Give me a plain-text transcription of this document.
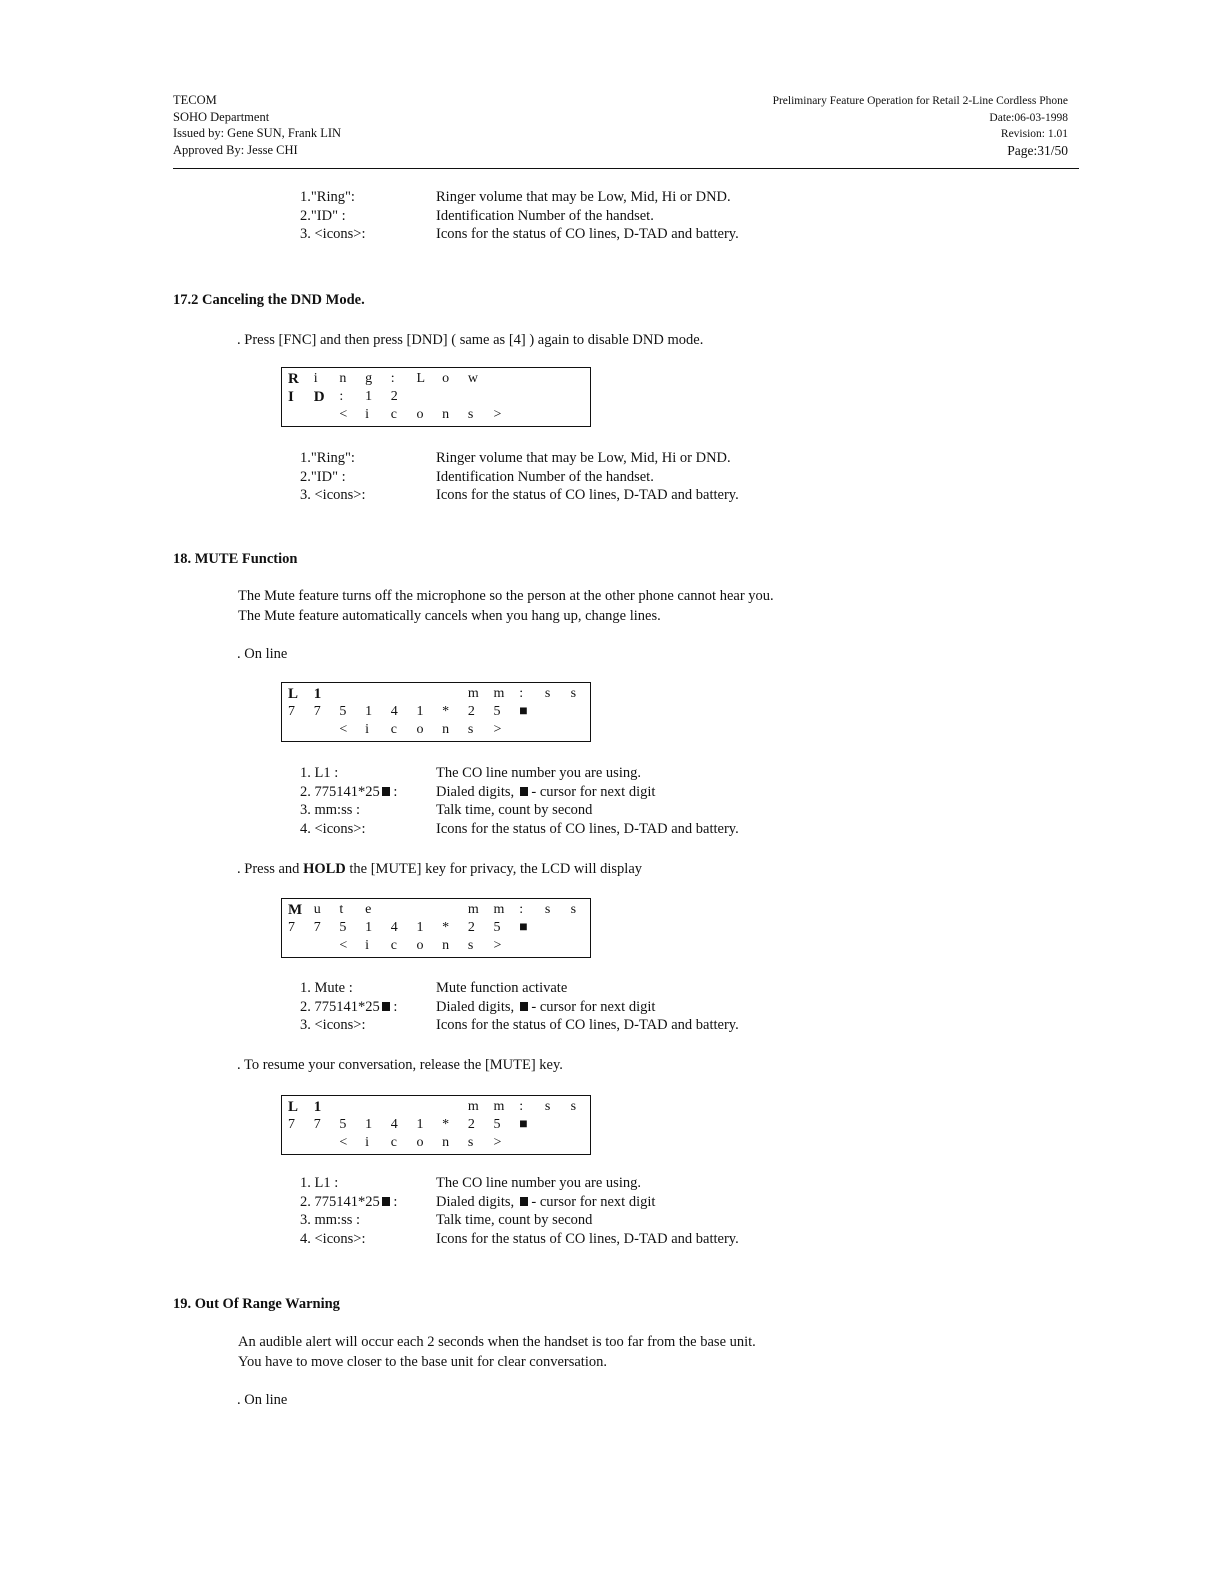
TECOM
SOHO Department
Issued by: Gene SUN, Frank LIN
Approved By: Jesse CHI
Preliminary Feature Operation for Retail 2-Line Cordless Phone
Date:06-03-1998
Revision: 1.01
Page:31/50
1."Ring":	Ringer volume that may be Low, Mid, Hi or DND.
2."ID" :	Identification Number of the handset.
3. <icons>:	Icons for the status of CO lines, D-TAD and battery.
17.2 Canceling the DND Mode.
. Press [FNC] and then press [DND] ( same as [4] ) again to disable DND mode.
R	i	n	g	:	L	o	w
I	D	:	1	2
<	i	c	o	n	s	>
1."Ring":	Ringer volume that may be Low, Mid, Hi or DND.
2."ID" :	Identification Number of the handset.
3. <icons>:	Icons for the status of CO lines, D-TAD and battery.
18. MUTE Function
The Mute feature turns off the microphone so the person at the other phone cannot hear you.
The Mute feature automatically cancels when you hang up, change lines.
. On line
L	1	m	m	:	s	s
7	7	5	1	4	1	*	2	5	■
<	i	c	o	n	s	>
1. L1 :	The CO line number you are using.
2. 775141*25 :	Dialed digits,  - cursor for next digit
3. mm:ss :	Talk time, count by second
4. <icons>:	Icons for the status of CO lines, D-TAD and battery.
. Press and HOLD the [MUTE] key for privacy, the LCD will display
M u	t	e	m	m	:	s	s
7	7	5	1	4	1	*	2	5	■
<	i	c	o	n	s	>
1. Mute :	Mute function activate
2. 775141*25 :	Dialed digits,  - cursor for next digit
3. <icons>:	Icons for the status of CO lines, D-TAD and battery.
. To resume your conversation, release the [MUTE] key.
L	1	m	m	:	s	s
7	7	5	1	4	1	*	2	5	■
<	i	c	o	n	s	>
1. L1 :	The CO line number you are using.
2. 775141*25 :	Dialed digits,  - cursor for next digit
3. mm:ss :	Talk time, count by second
4. <icons>:	Icons for the status of CO lines, D-TAD and battery.
19. Out Of Range Warning
An audible alert will occur each 2 seconds when the handset is too far from the base unit.
You have to move closer to the base unit for clear conversation.
. On line
